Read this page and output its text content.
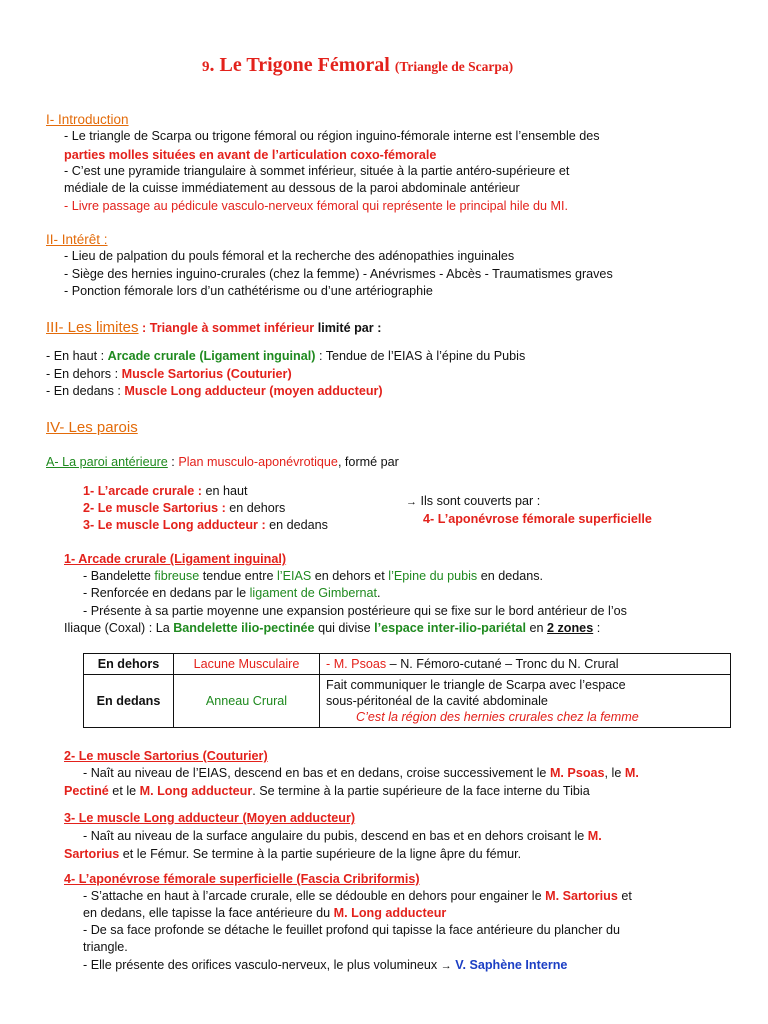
9. Le Trigone Fémoral (Triangle de Scarpa)
I- Introduction
- Le triangle de Scarpa ou trigone fémoral ou région inguino-fémorale interne est l’ensemble des
parties molles situées en avant de l’articulation coxo-fémorale
- C’est une pyramide triangulaire à sommet inférieur, située à la partie antéro-supérieure et
médiale de la cuisse immédiatement au dessous de la paroi abdominale antérieur
- Livre passage au pédicule vasculo-nerveux fémoral qui représente le principal hile du MI.
II- Intérêt :
- Lieu de palpation du pouls fémoral et la recherche des adénopathies inguinales
- Siège des hernies inguino-crurales (chez la femme) - Anévrismes - Abcès - Traumatismes graves
- Ponction fémorale lors d’un cathétérisme ou d’une artériographie
III- Les limites : Triangle à sommet inférieur limité par :
- En haut : Arcade crurale (Ligament inguinal) : Tendue de l’EIAS à l’épine du Pubis
- En dehors : Muscle Sartorius (Couturier)
- En dedans : Muscle Long adducteur (moyen adducteur)
IV- Les parois
A- La paroi antérieure : Plan musculo-aponévrotique, formé par
1- L’arcade crurale : en haut
2- Le muscle Sartorius : en dehors
3- Le muscle Long adducteur : en dedans
→ Ils sont couverts par :
4- L’aponévrose fémorale superficielle
1- Arcade crurale (Ligament inguinal)
- Bandelette fibreuse tendue entre l’EIAS en dehors et l’Epine du pubis en dedans.
- Renforcée en dedans par le ligament de Gimbernat.
- Présente à sa partie moyenne une expansion postérieure qui se fixe sur le bord antérieur de l’os
Iliaque (Coxal) : La Bandelette ilio-pectinée qui divise l’espace inter-ilio-pariétal en 2 zones :
En dehors	Lacune Musculaire	- M. Psoas – N. Fémoro-cutané – Tronc du N. Crural
En dedans	Anneau Crural	Fait communiquer le triangle de Scarpa avec l’espace
sous-péritonéal de la cavité abdominale
C’est la région des hernies crurales chez la femme
2- Le muscle Sartorius (Couturier)
- Naît au niveau de l’EIAS, descend en bas et en dedans, croise successivement le M. Psoas, le M.
Pectiné et le M. Long adducteur. Se termine à la partie supérieure de la face interne du Tibia
3- Le muscle Long adducteur (Moyen adducteur)
- Naît au niveau de la surface angulaire du pubis, descend en bas et en dehors croisant le M.
Sartorius et le Fémur. Se termine à la partie supérieure de la ligne âpre du fémur.
4- L’aponévrose fémorale superficielle (Fascia Cribriformis)
- S’attache en haut à l’arcade crurale, elle se dédouble en dehors pour engainer le M. Sartorius et
en dedans, elle tapisse la face antérieure du M. Long adducteur
- De sa face profonde se détache le feuillet profond qui tapisse la face antérieure du plancher du
triangle.
- Elle présente des orifices vasculo-nerveux, le plus volumineux → V. Saphène Interne
